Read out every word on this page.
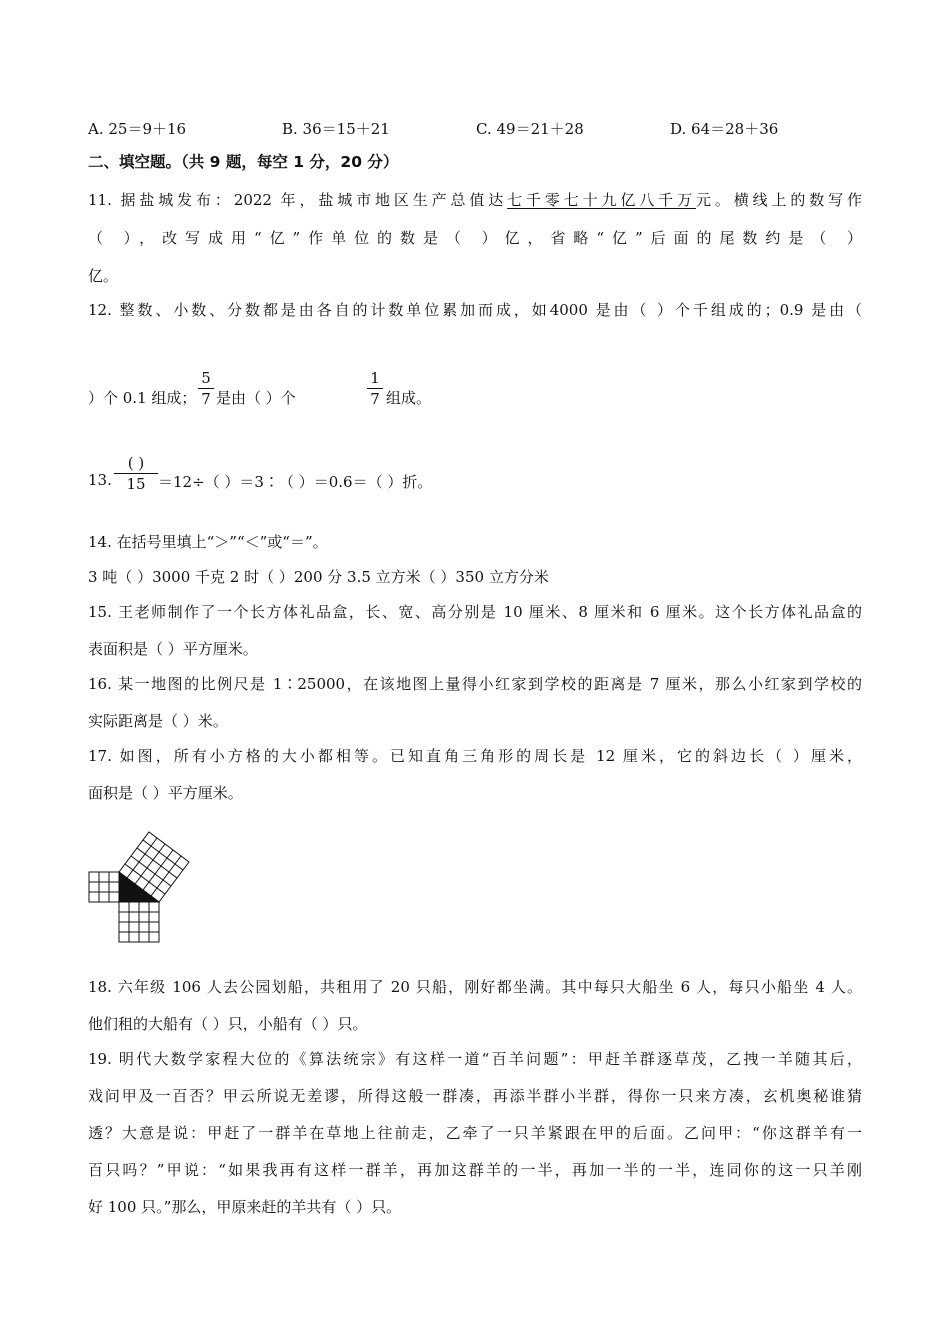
A. 25＝9＋16	B. 36＝15＋21	C. 49＝21＋28	D. 64＝28＋36
二、填空题。（共 9 题，每空 1 分，20 分）
11. 据盐城发布：2022 年，盐城市地区生产总值达七千零七十九亿八千万元。横线上的数写作
（ ），改写成用“亿”作单位的数是（ ）亿，省略“亿”后面的尾数约是（ ）
亿。
12. 整数、小数、分数都是由各自的计数单位累加而成，如4000 是由（ ）个千组成的；0.9 是由（
）个 0.1 组成；
5
7 是由（ ）个
1
7 组成。
13.
( )
15 ＝12÷（ ）＝3∶（ ）＝0.6＝（ ）折。
14. 在括号里填上“＞”“＜”或“＝”。
3 吨（ ）3000 千克 2 时（ ）200 分 3.5 立方米（ ）350 立方分米
15. 王老师制作了一个长方体礼品盒，长、宽、高分别是 10 厘米、8 厘米和 6 厘米。这个长方体礼品盒的
表面积是（ ）平方厘米。
16. 某一地图的比例尺是 1∶25000，在该地图上量得小红家到学校的距离是 7 厘米，那么小红家到学校的
实际距离是（ ）米。
17. 如图，所有小方格的大小都相等。已知直角三角形的周长是 12 厘米，它的斜边长（ ）厘米，
面积是（ ）平方厘米。
18. 六年级 106 人去公园划船，共租用了 20 只船，刚好都坐满。其中每只大船坐 6 人，每只小船坐 4 人。
他们租的大船有（ ）只，小船有（ ）只。
19. 明代大数学家程大位的《算法统宗》有这样一道“百羊问题”：甲赶羊群逐草茂，乙拽一羊随其后，
戏问甲及一百否？甲云所说无差谬，所得这般一群凑，再添半群小半群，得你一只来方凑，玄机奥秘谁猜
透？大意是说：甲赶了一群羊在草地上往前走，乙牵了一只羊紧跟在甲的后面。乙问甲：“你这群羊有一
百只吗？”甲说：“如果我再有这样一群羊，再加这群羊的一半，再加一半的一半，连同你的这一只羊刚
好 100 只。”那么，甲原来赶的羊共有（ ）只。
